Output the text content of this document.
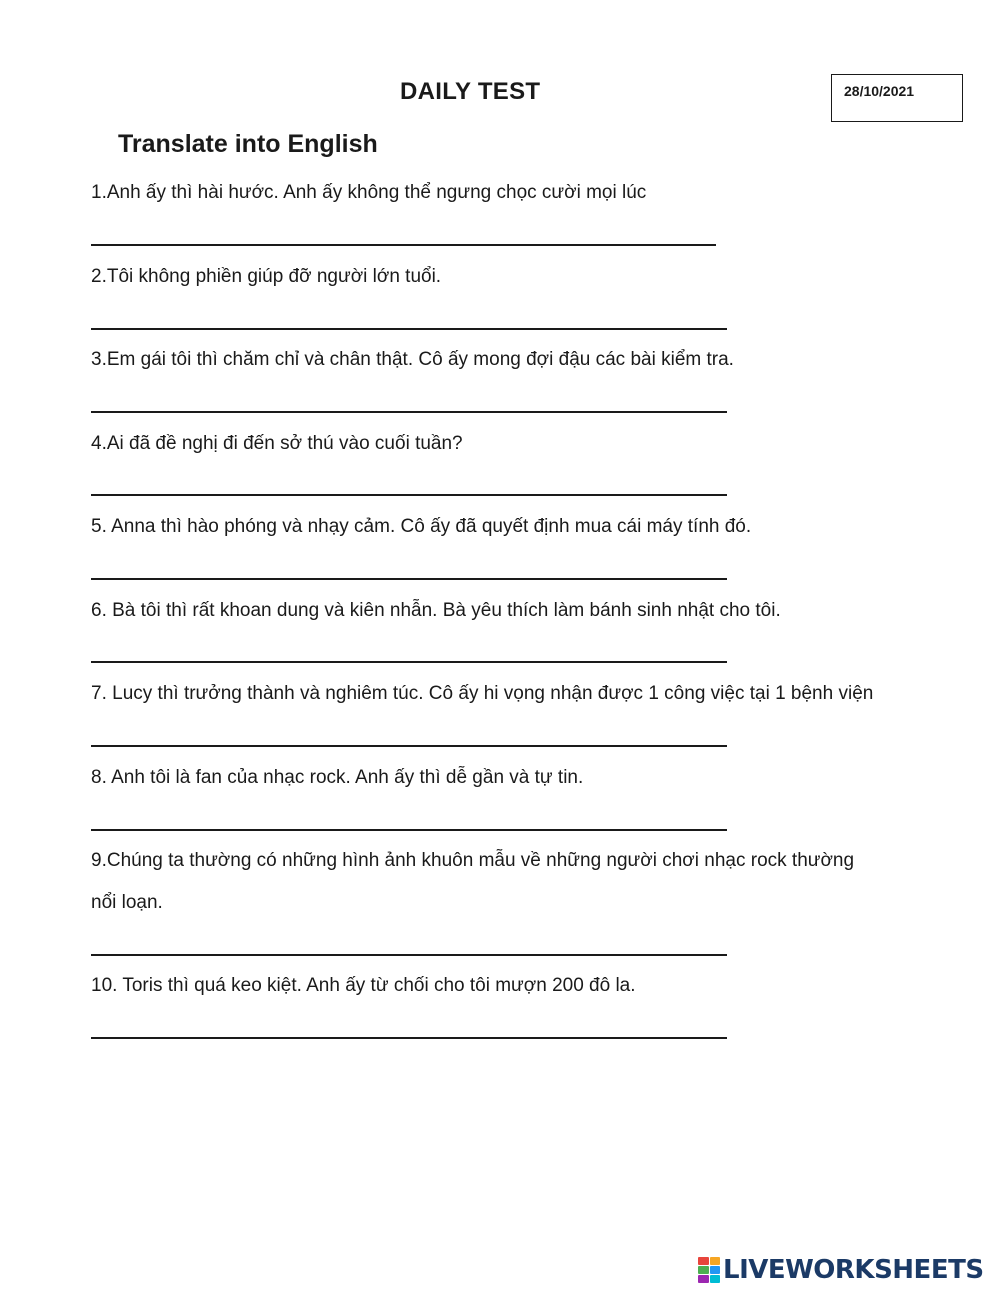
DAILY TEST	28/10/2021
Translate into English
1.Anh ấy thì hài hước. Anh ấy không thể ngưng chọc cười mọi lúc
2.Tôi không phiền giúp đỡ người lớn tuổi.
3.Em gái tôi thì chăm chỉ và chân thật. Cô ấy mong đợi đậu các bài kiểm tra.
4.Ai đã đề nghị đi đến sở thú vào cuối tuần?
5. Anna thì hào phóng và nhạy cảm. Cô ấy đã quyết định mua cái máy tính đó.
6. Bà tôi thì rất khoan dung và kiên nhẫn. Bà yêu thích làm bánh sinh nhật cho tôi.
7. Lucy thì trưởng thành và nghiêm túc. Cô ấy hi vọng nhận được 1 công việc tại 1 bệnh viện
8. Anh tôi là fan của nhạc rock. Anh ấy thì dễ gần và tự tin.
9.Chúng ta thường có những hình ảnh khuôn mẫu về những người chơi nhạc rock thường
nổi loạn.
10. Toris thì quá keo kiệt. Anh ấy từ chối cho tôi mượn 200 đô la.
LIVEWORKSHEETS
